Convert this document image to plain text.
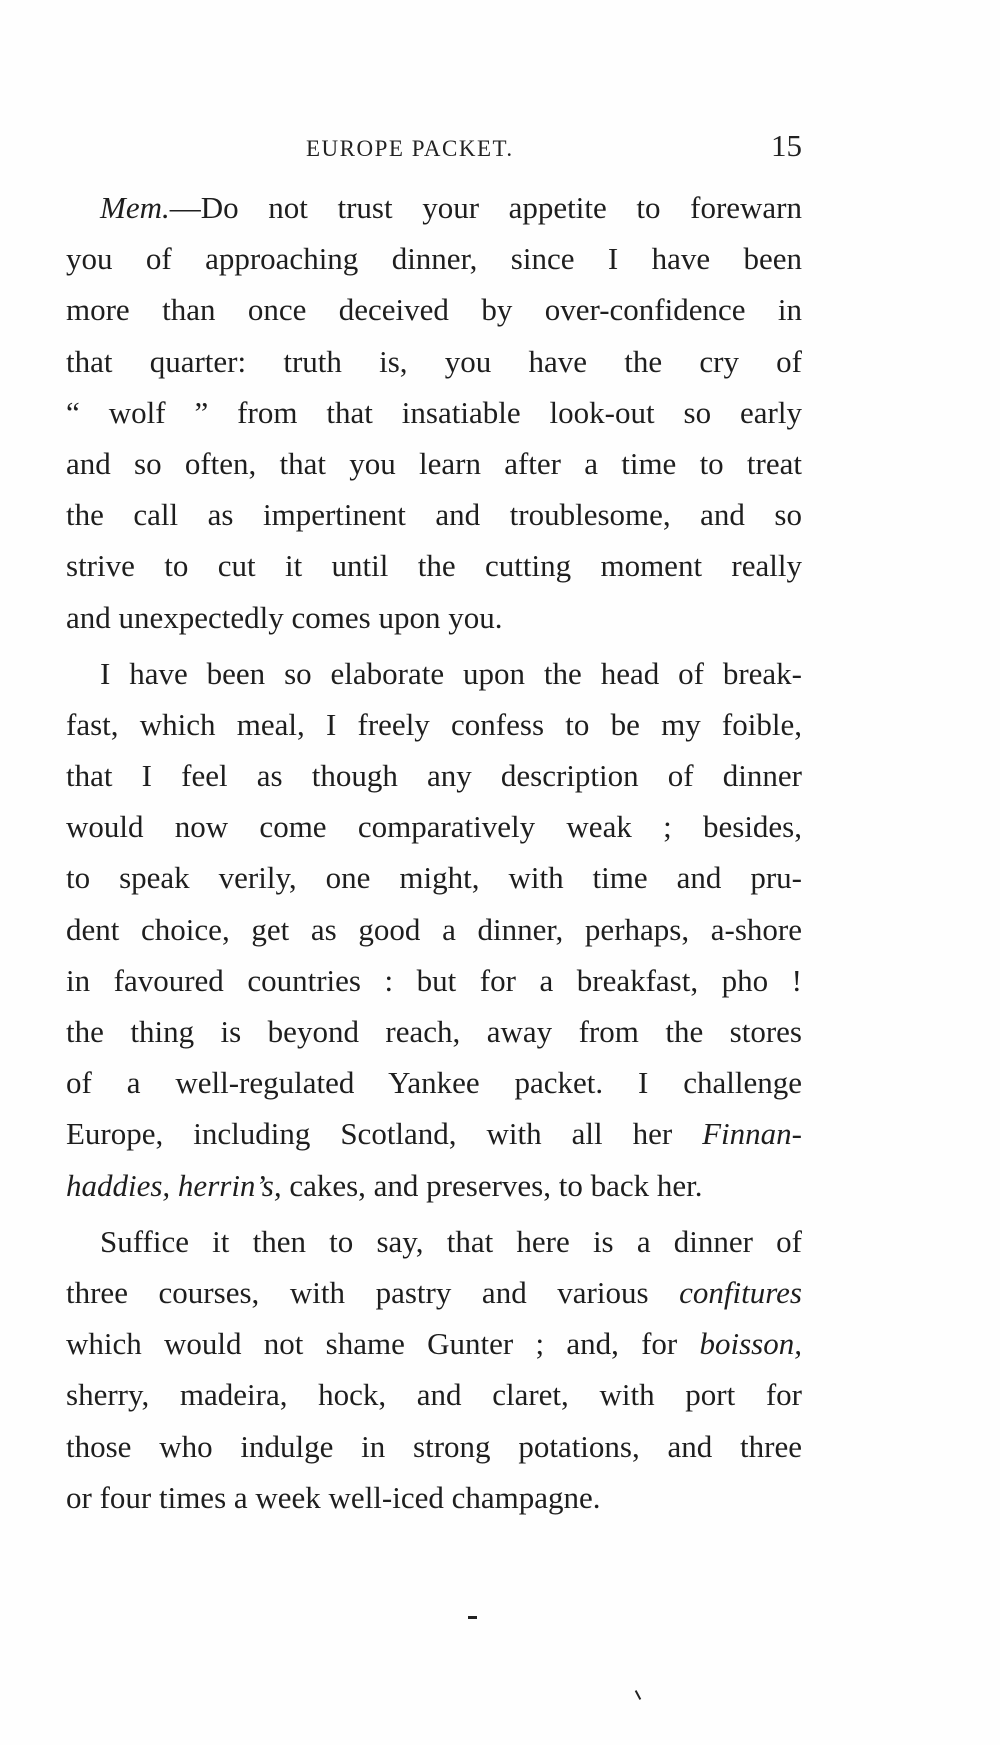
EUROPE PACKET.	15
Mem.—Do not trust your appetite to forewarn
you of approaching dinner, since I have been
more than once deceived by over-confidence in
that quarter: truth is, you have the cry of
“ wolf ” from that insatiable look-out so early
and so often, that you learn after a time to treat
the call as impertinent and troublesome, and so
strive to cut it until the cutting moment really
and unexpectedly comes upon you.
I have been so elaborate upon the head of break-
fast, which meal, I freely confess to be my foible,
that I feel as though any description of dinner
would now come comparatively weak ; besides,
to speak verily, one might, with time and pru-
dent choice, get as good a dinner, perhaps, a-shore
in favoured countries : but for a breakfast, pho !
the thing is beyond reach, away from the stores
of a well-regulated Yankee packet. I challenge
Europe, including Scotland, with all her Finnan-
haddies, herrin’s, cakes, and preserves, to back her.
Suffice it then to say, that here is a dinner of
three courses, with pastry and various confitures
which would not shame Gunter ; and, for boisson,
sherry, madeira, hock, and claret, with port for
those who indulge in strong potations, and three
or four times a week well-iced champagne.
